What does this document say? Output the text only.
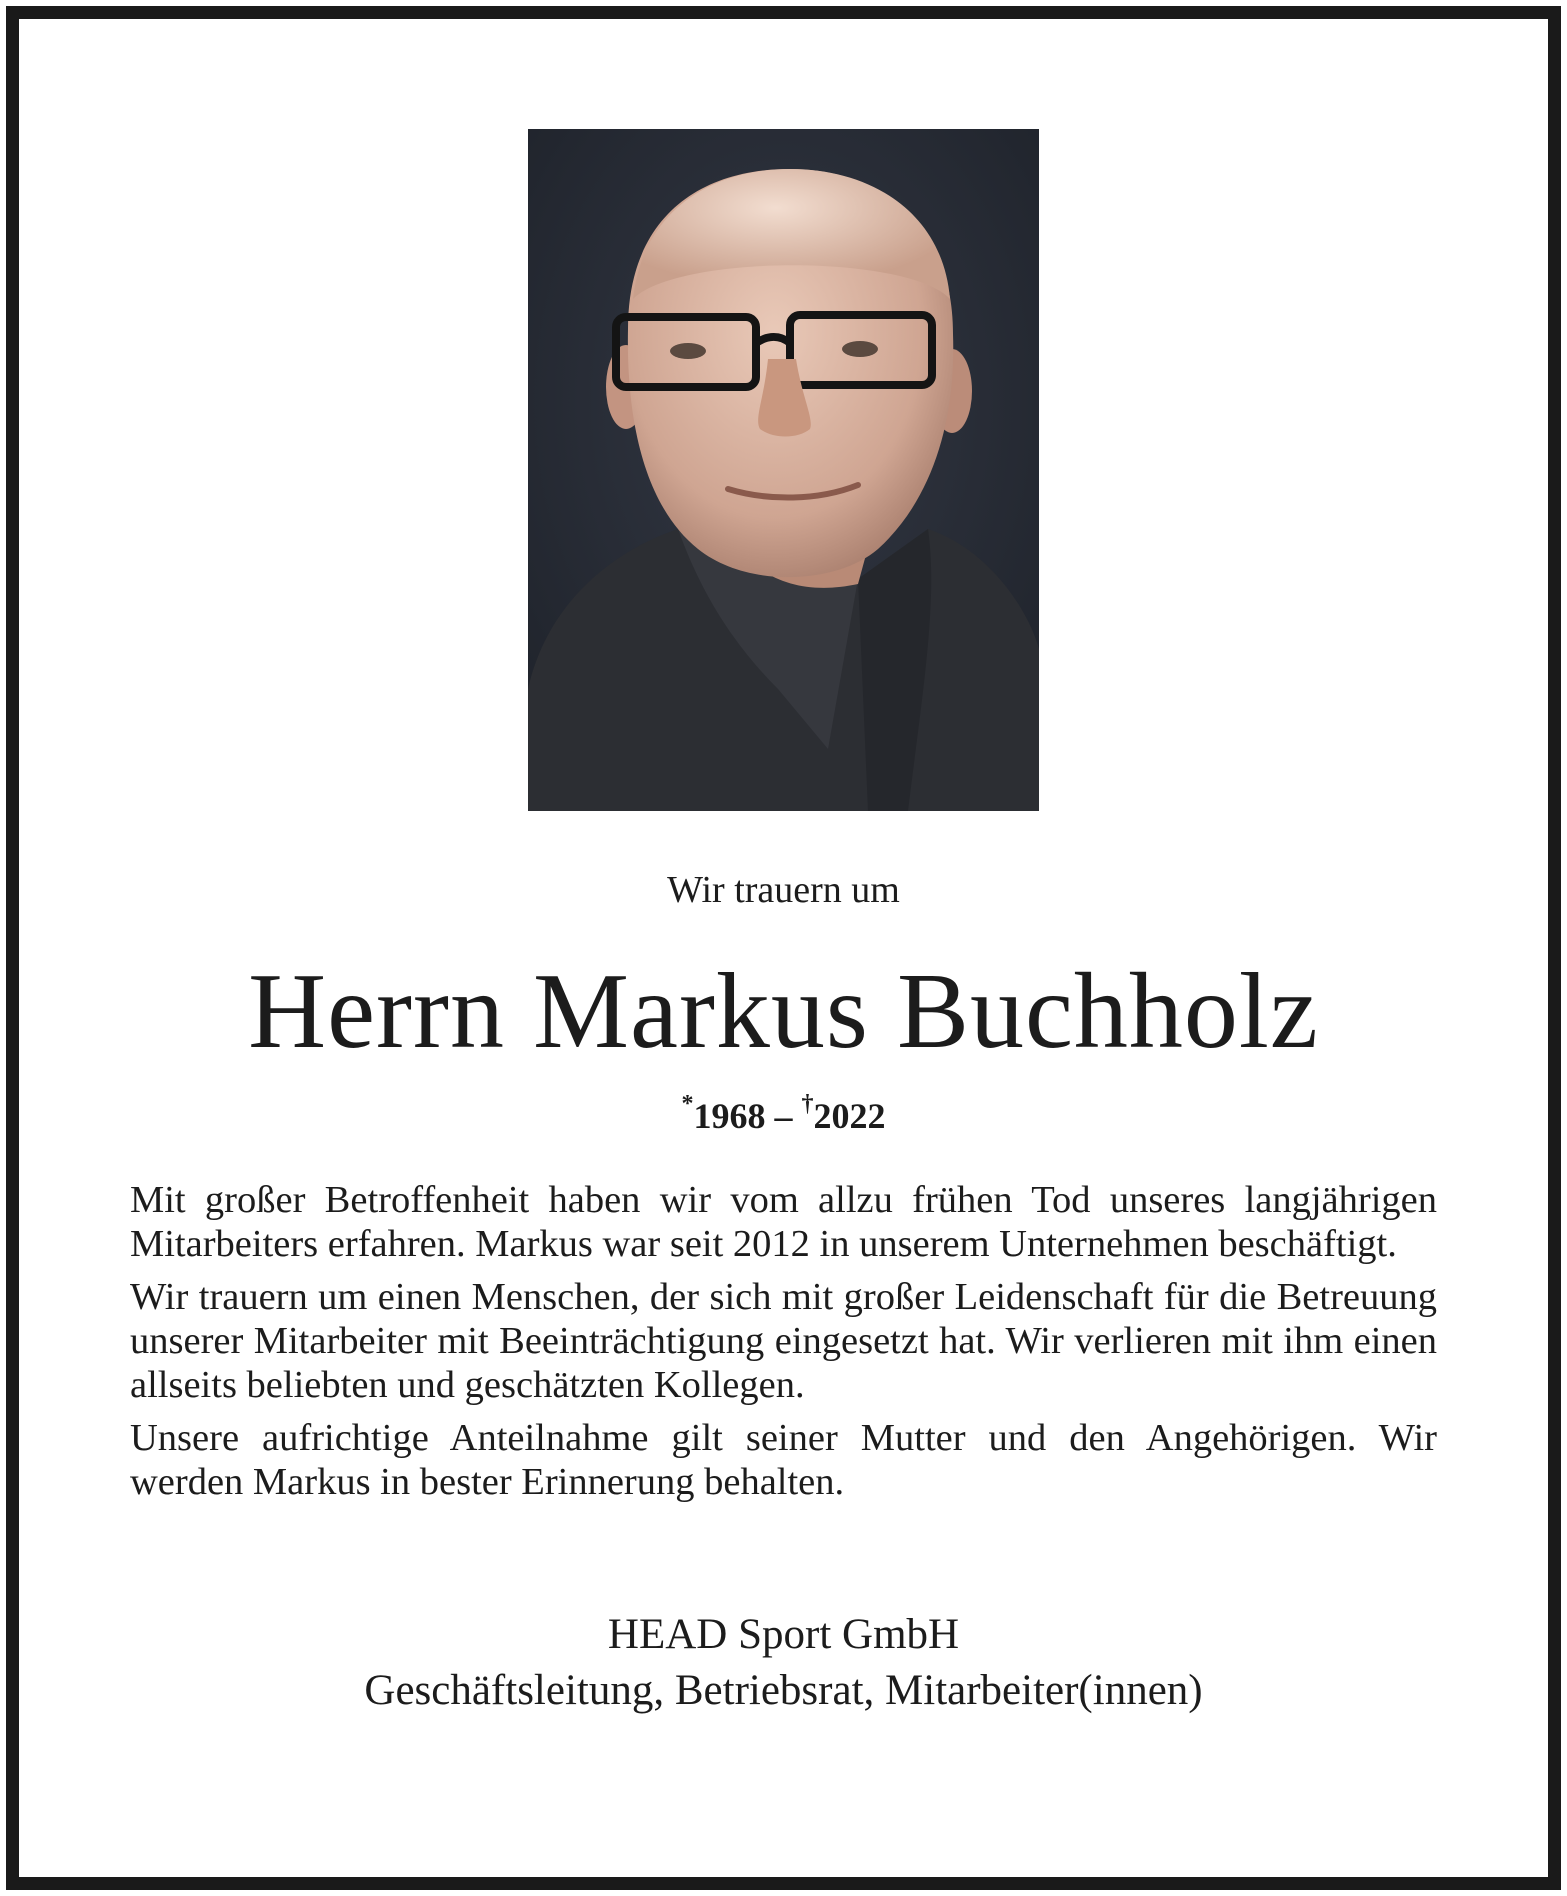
Wir trauern um
Herrn Markus Buchholz
*1968 – †2022

Mit großer Betroffenheit haben wir vom allzu frühen Tod unseres langjährigen Mitarbeiters erfahren. Markus war seit 2012 in unserem Unternehmen beschäftigt.

Wir trauern um einen Menschen, der sich mit großer Leidenschaft für die Betreuung unserer Mitarbeiter mit Beeinträchtigung eingesetzt hat. Wir verlieren mit ihm einen allseits beliebten und geschätzten Kollegen.

Unsere aufrichtige Anteilnahme gilt seiner Mutter und den Angehörigen. Wir werden Markus in bester Erinnerung behalten.

HEAD Sport GmbH
Geschäftsleitung, Betriebsrat, Mitarbeiter(innen)
